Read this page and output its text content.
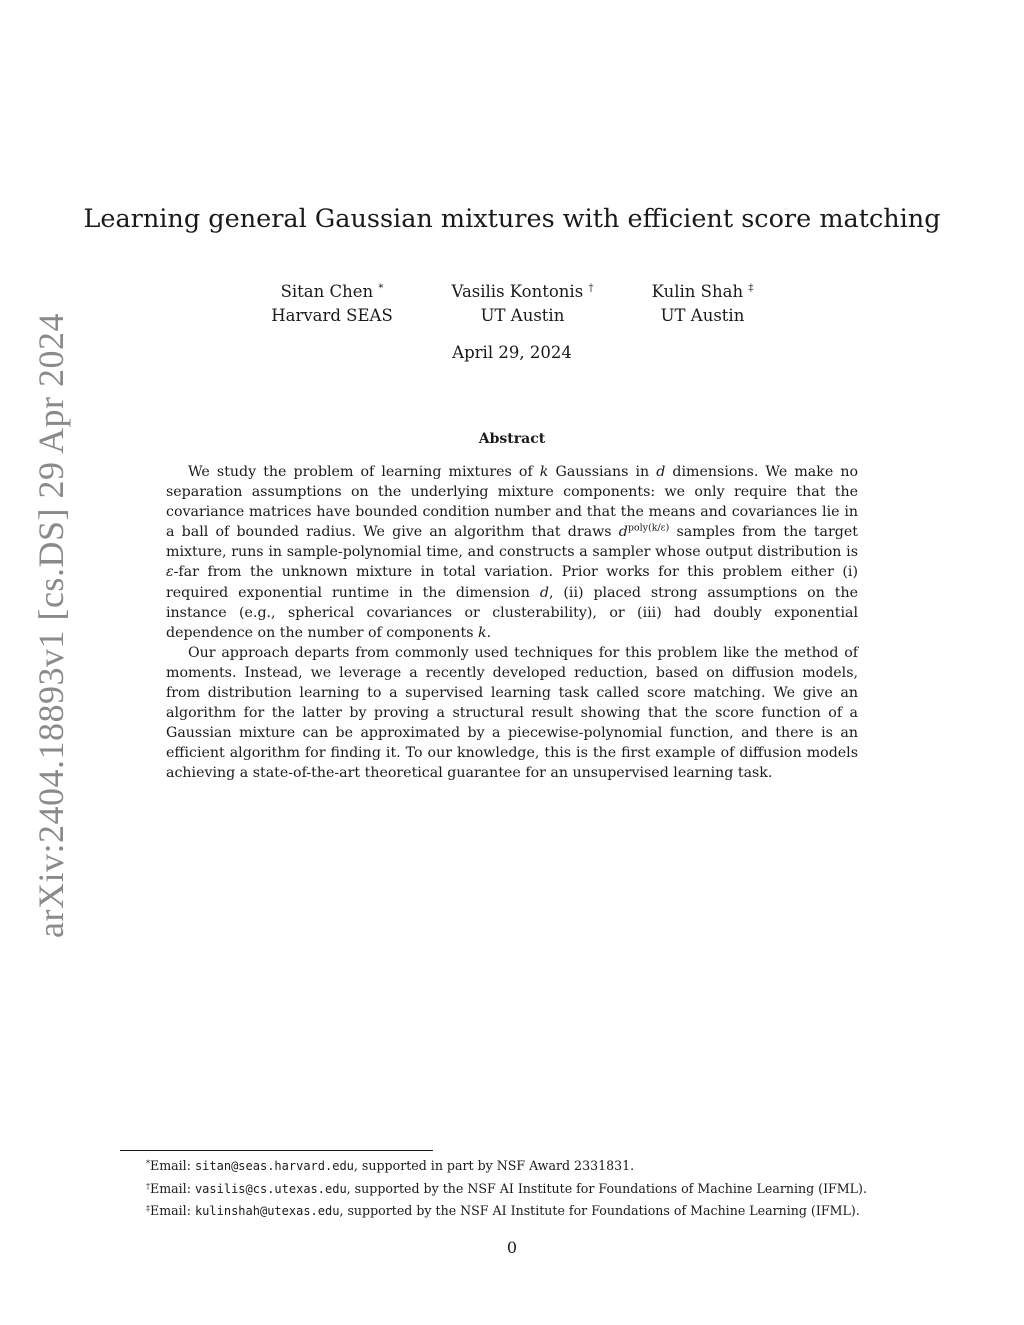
arXiv:2404.18893v1 [cs.DS] 29 Apr 2024
Learning general Gaussian mixtures with efficient score matching
Sitan Chen *
Harvard SEAS
Vasilis Kontonis †
UT Austin
Kulin Shah ‡
UT Austin
April 29, 2024
Abstract

We study the problem of learning mixtures of k Gaussians in d dimensions. We make no separation assumptions on the underlying mixture components: we only require that the covariance matrices have bounded condition number and that the means and covariances lie in a ball of bounded radius. We give an algorithm that draws $d^{poly(k/\varepsilon)}$ samples from the target mixture, runs in sample-polynomial time, and constructs a sampler whose output distribution is ε-far from the unknown mixture in total variation. Prior works for this problem either (i) required exponential runtime in the dimension d, (ii) placed strong assumptions on the instance (e.g., spherical covariances or clusterability), or (iii) had doubly exponential dependence on the number of components k.

Our approach departs from commonly used techniques for this problem like the method of moments. Instead, we leverage a recently developed reduction, based on diffusion models, from distribution learning to a supervised learning task called score matching. We give an algorithm for the latter by proving a structural result showing that the score function of a Gaussian mixture can be approximated by a piecewise-polynomial function, and there is an efficient algorithm for finding it. To our knowledge, this is the first example of diffusion models achieving a state-of-the-art theoretical guarantee for an unsupervised learning task.

*Email: sitan@seas.harvard.edu, supported in part by NSF Award 2331831.
†Email: vasilis@cs.utexas.edu, supported by the NSF AI Institute for Foundations of Machine Learning (IFML).
‡Email: kulinshah@utexas.edu, supported by the NSF AI Institute for Foundations of Machine Learning (IFML).
0
